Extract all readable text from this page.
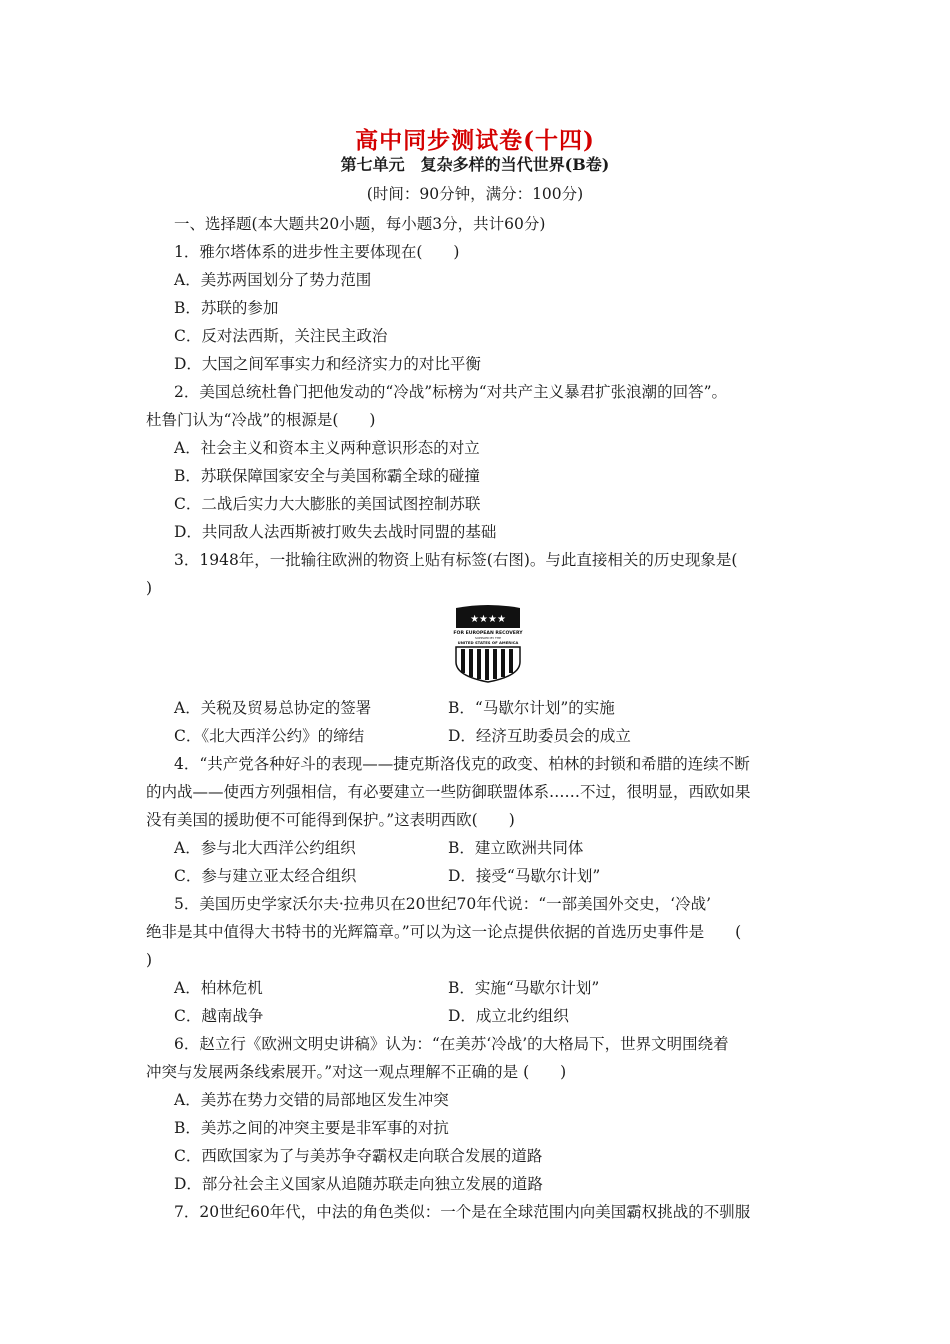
高中同步测试卷(十四)
第七单元　复杂多样的当代世界(B卷)
(时间：90分钟，满分：100分)
一、选择题(本大题共20小题，每小题3分，共计60分)
1．雅尔塔体系的进步性主要体现在(　　)
A．美苏两国划分了势力范围
B．苏联的参加
C．反对法西斯，关注民主政治
D．大国之间军事实力和经济实力的对比平衡
2．美国总统杜鲁门把他发动的“冷战”标榜为“对共产主义暴君扩张浪潮的回答”。
杜鲁门认为“冷战”的根源是(　　)
A．社会主义和资本主义两种意识形态的对立
B．苏联保障国家安全与美国称霸全球的碰撞
C．二战后实力大大膨胀的美国试图控制苏联
D．共同敌人法西斯被打败失去战时同盟的基础
3．1948年，一批输往欧洲的物资上贴有标签(右图)。与此直接相关的历史现象是(
)
★★★★
FOR EUROPEAN RECOVERY
SUPPLIED BY THE
UNITED STATES OF AMERICA
A．关税及贸易总协定的签署	B．“马歇尔计划”的实施
C．《北大西洋公约》的缔结	D．经济互助委员会的成立
4．“共产党各种好斗的表现——捷克斯洛伐克的政变、柏林的封锁和希腊的连续不断
的内战——使西方列强相信，有必要建立一些防御联盟体系……不过，很明显，西欧如果
没有美国的援助便不可能得到保护。”这表明西欧(　　)
A．参与北大西洋公约组织	B．建立欧洲共同体
C．参与建立亚太经合组织	D．接受“马歇尔计划”
5．美国历史学家沃尔夫·拉弗贝在20世纪70年代说：“一部美国外交史，‘冷战’
绝非是其中值得大书特书的光辉篇章。”可以为这一论点提供依据的首选历史事件是　　(
)
A．柏林危机	B．实施“马歇尔计划”
C．越南战争	D．成立北约组织
6．赵立行《欧洲文明史讲稿》认为：“在美苏‘冷战’的大格局下，世界文明围绕着
冲突与发展两条线索展开。”对这一观点理解不正确的是 (　　)
A．美苏在势力交错的局部地区发生冲突
B．美苏之间的冲突主要是非军事的对抗
C．西欧国家为了与美苏争夺霸权走向联合发展的道路
D．部分社会主义国家从追随苏联走向独立发展的道路
7．20世纪60年代，中法的角色类似：一个是在全球范围内向美国霸权挑战的不驯服
